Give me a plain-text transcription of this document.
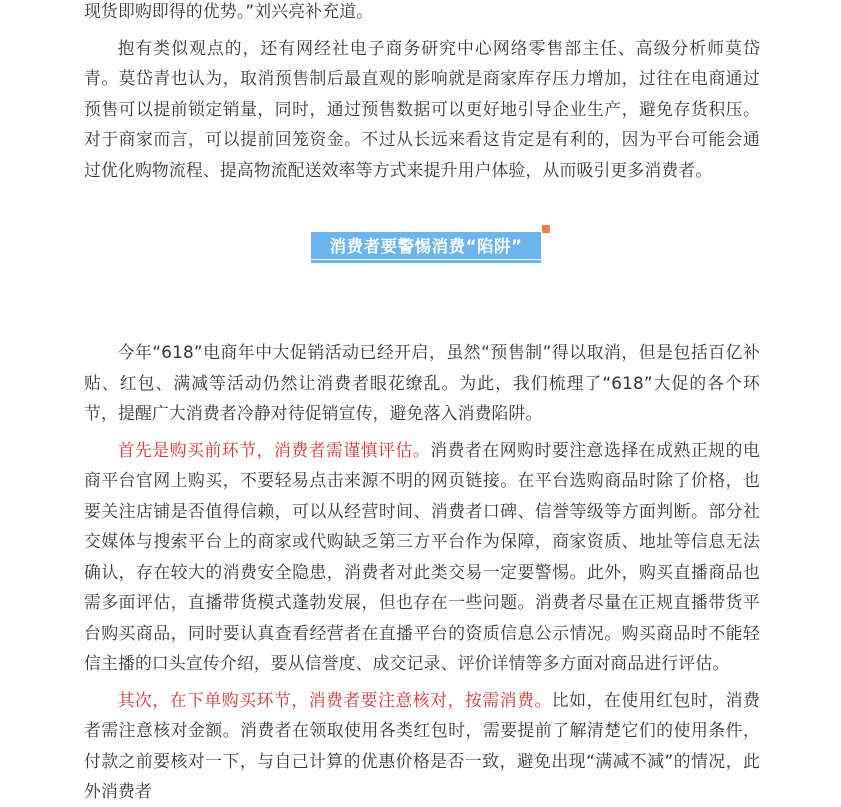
现货即购即得的优势。”刘兴亮补充道。

抱有类似观点的，还有网经社电子商务研究中心网络零售部主任、高级分析师莫岱青。莫岱青也认为，取消预售制后最直观的影响就是商家库存压力增加，过往在电商通过预售可以提前锁定销量，同时，通过预售数据可以更好地引导企业生产，避免存货积压。对于商家而言，可以提前回笼资金。不过从长远来看这肯定是有利的，因为平台可能会通过优化购物流程、提高物流配送效率等方式来提升用户体验，从而吸引更多消费者。

消费者要警惕消费“陷阱”

今年“618”电商年中大促销活动已经开启，虽然“预售制”得以取消，但是包括百亿补贴、红包、满减等活动仍然让消费者眼花缭乱。为此，我们梳理了“618”大促的各个环节，提醒广大消费者冷静对待促销宣传，避免落入消费陷阱。

首先是购买前环节，消费者需谨慎评估。消费者在网购时要注意选择在成熟正规的电商平台官网上购买，不要轻易点击来源不明的网页链接。在平台选购商品时除了价格，也要关注店铺是否值得信赖，可以从经营时间、消费者口碑、信誉等级等方面判断。部分社交媒体与搜索平台上的商家或代购缺乏第三方平台作为保障，商家资质、地址等信息无法确认，存在较大的消费安全隐患，消费者对此类交易一定要警惕。此外，购买直播商品也需多面评估，直播带货模式蓬勃发展，但也存在一些问题。消费者尽量在正规直播带货平台购买商品，同时要认真查看经营者在直播平台的资质信息公示情况。购买商品时不能轻信主播的口头宣传介绍，要从信誉度、成交记录、评价详情等多方面对商品进行评估。

其次，在下单购买环节，消费者要注意核对，按需消费。比如，在使用红包时，消费者需注意核对金额。消费者在领取使用各类红包时，需要提前了解清楚它们的使用条件，付款之前要核对一下，与自己计算的优惠价格是否一致，避免出现“满减不减”的情况，此外消费者
